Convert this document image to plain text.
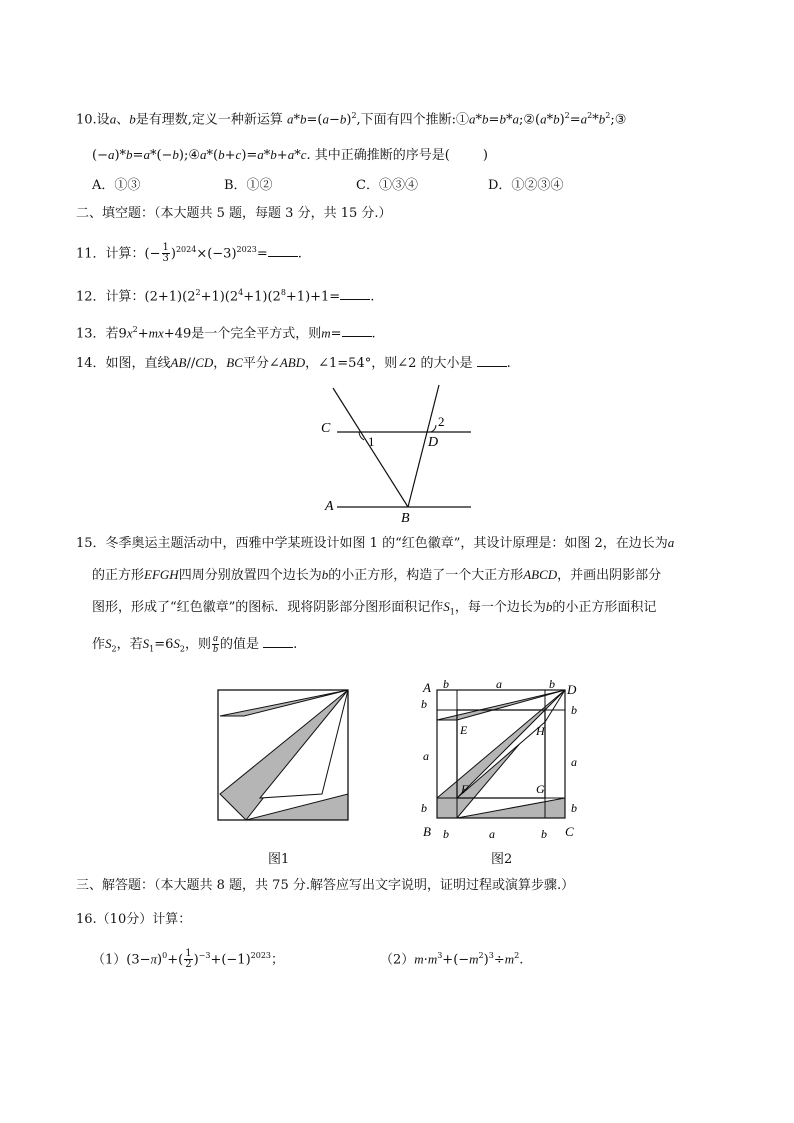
10.设a、b是有理数,定义一种新运算 $a*b=(a-b)^2$,下面有四个推断$:①a*b=b*a;②(a*b)^2=a^2*b^2;③$
(−a)*b=a*(−b);④a*(b+c)=a*b+a*c. 其中正确推断的序号是(	)
A．①③	B．①②	C．①③④	D．①②③④
二、填空题：（本大题共 5 题，每题 3 分，共 15 分.）
11．计算：(− $\frac{1}{3} )^{2024}\times(-3)^{2023}=$ .
12．计算：$(2+1)(2^2+1)(2^4+1)(2^8+1)+1=$ .
13．若$9x^2+mx+49$是一个完全平方式，则m= .
14．如图，直线AB//CD，BC平分∠ABD，∠1=54°，则∠2 的大小是	.
C
D
A
B
1
2
15．冬季奥运主题活动中，西雅中学某班设计如图 1 的“红色徽章”，其设计原理是：如图 2，在边长为a
的正方形EFGH四周分别放置四个边长为b的小正方形，构造了一个大正方形ABCD，并画出阴影部分
图形，形成了“红色徽章”的图标．现将阴影部分图形面积记作$S_1$，每一个边长为b的小正方形面积记
作$S_2$，若$S_1=6S_2$，则 $\frac{a}{b}$ 的值是	.
图1
A	D
B	C
E	H
F	G
b	a	b
b
a
b
b
a
b
b	a	b
图2
三、解答题：（本大题共 8 题，共 75 分.解答应写出文字说明，证明过程或演算步骤.）
16.（10分）计算：
$(1)(3-\pi)^0+( \frac{1}{2} )^{-3}+(-1)^{2023}$；	$(2)m\cdot m^3+(-m^2)^3\div m^2$.
